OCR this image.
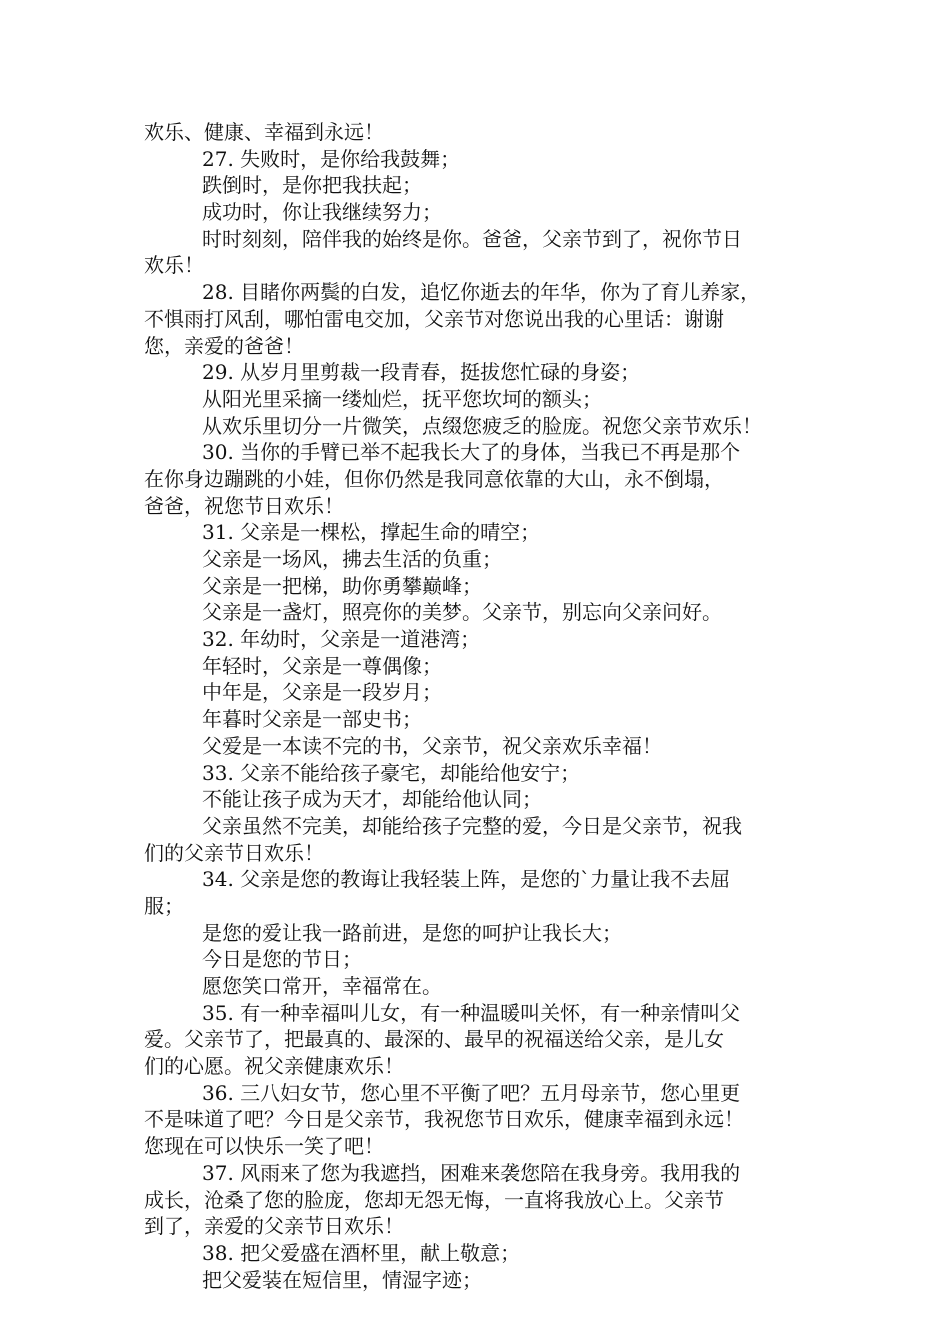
欢乐、健康、幸福到永远！
27. 失败时，是你给我鼓舞；
跌倒时，是你把我扶起；
成功时，你让我继续努力；
时时刻刻，陪伴我的始终是你。爸爸，父亲节到了，祝你节日
欢乐！
28. 目睹你两鬓的白发，追忆你逝去的年华，你为了育儿养家，
不惧雨打风刮，哪怕雷电交加，父亲节对您说出我的心里话：谢谢
您，亲爱的爸爸！
29. 从岁月里剪裁一段青春，挺拔您忙碌的身姿；
从阳光里采摘一缕灿烂，抚平您坎坷的额头；
从欢乐里切分一片微笑，点缀您疲乏的脸庞。祝您父亲节欢乐！
30. 当你的手臂已举不起我长大了的身体，当我已不再是那个
在你身边蹦跳的小娃，但你仍然是我同意依靠的大山，永不倒塌，
爸爸，祝您节日欢乐！
31. 父亲是一棵松，撑起生命的晴空；
父亲是一场风，拂去生活的负重；
父亲是一把梯，助你勇攀巅峰；
父亲是一盏灯，照亮你的美梦。父亲节，别忘向父亲问好。
32. 年幼时，父亲是一道港湾；
年轻时，父亲是一尊偶像；
中年是，父亲是一段岁月；
年暮时父亲是一部史书；
父爱是一本读不完的书，父亲节，祝父亲欢乐幸福！
33. 父亲不能给孩子豪宅，却能给他安宁；
不能让孩子成为天才，却能给他认同；
父亲虽然不完美，却能给孩子完整的爱，今日是父亲节，祝我
们的父亲节日欢乐！
34. 父亲是您的教诲让我轻装上阵，是您的`力量让我不去屈
服；
是您的爱让我一路前进，是您的呵护让我长大；
今日是您的节日；
愿您笑口常开，幸福常在。
35. 有一种幸福叫儿女，有一种温暖叫关怀，有一种亲情叫父
爱。父亲节了，把最真的、最深的、最早的祝福送给父亲，是儿女
们的心愿。祝父亲健康欢乐！
36. 三八妇女节，您心里不平衡了吧？五月母亲节，您心里更
不是味道了吧？今日是父亲节，我祝您节日欢乐，健康幸福到永远！
您现在可以快乐一笑了吧！
37. 风雨来了您为我遮挡，困难来袭您陪在我身旁。我用我的
成长，沧桑了您的脸庞，您却无怨无悔，一直将我放心上。父亲节
到了，亲爱的父亲节日欢乐！
38. 把父爱盛在酒杯里，献上敬意；
把父爱装在短信里，情湿字迹；
